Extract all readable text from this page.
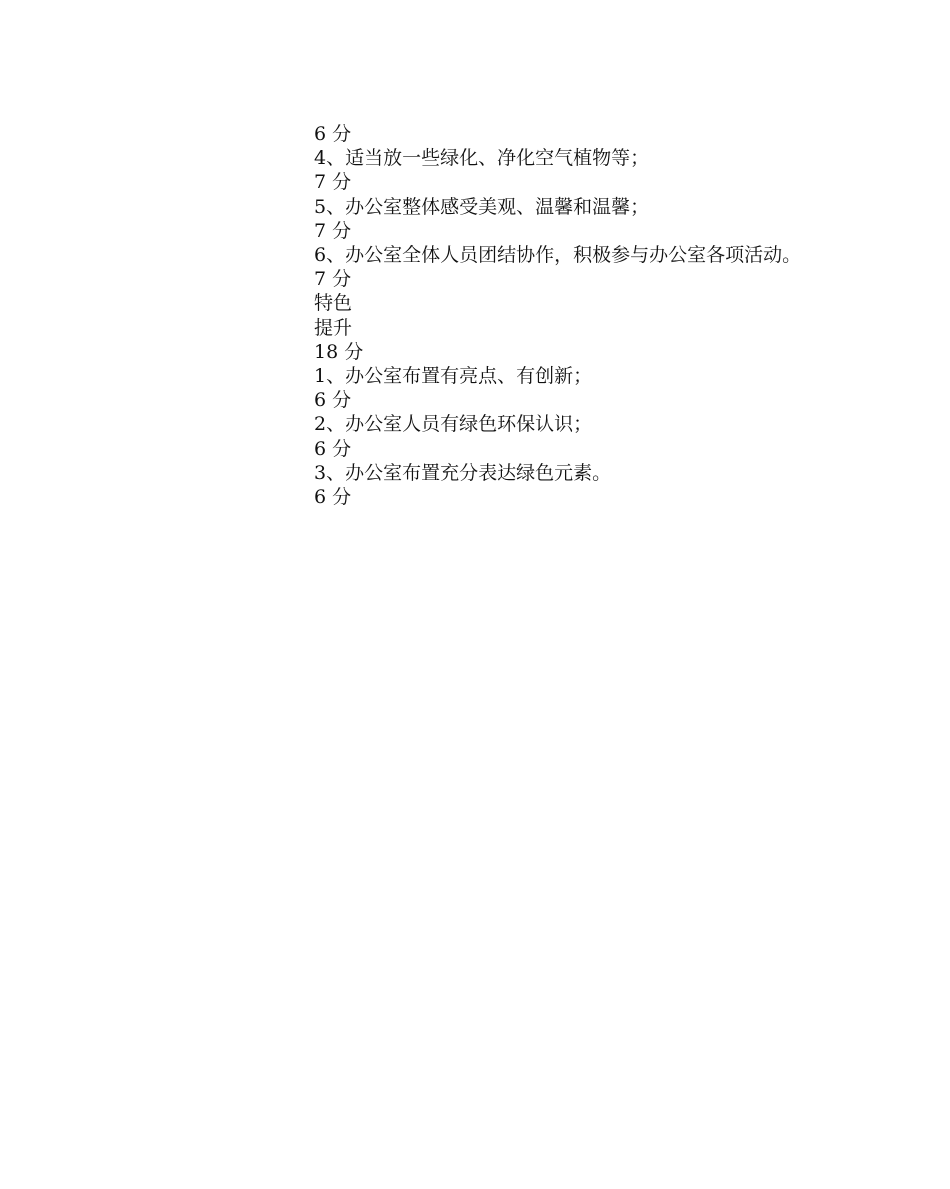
6 分
4、适当放一些绿化、净化空气植物等；
7 分
5、办公室整体感受美观、温馨和温馨；
7 分
6、办公室全体人员团结协作，积极参与办公室各项活动。
7 分
特色
提升
18 分
1、办公室布置有亮点、有创新；
6 分
2、办公室人员有绿色环保认识；
6 分
3、办公室布置充分表达绿色元素。
6 分
